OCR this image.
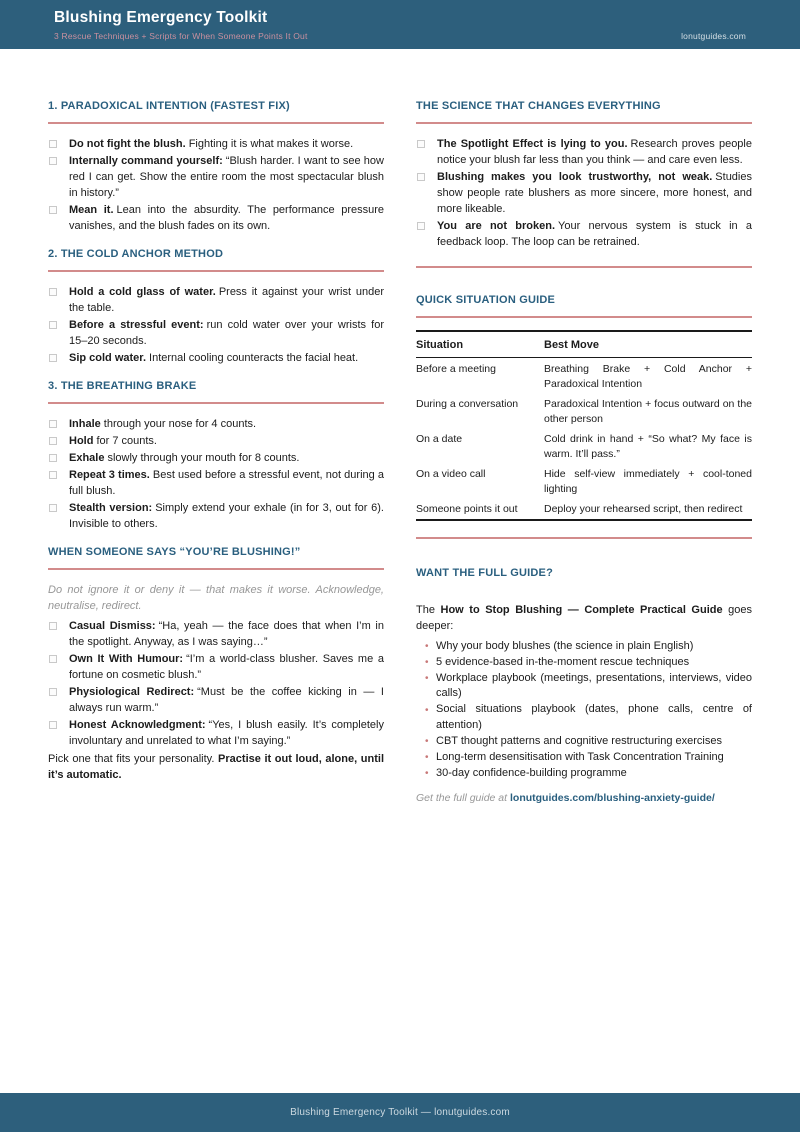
Blushing Emergency Toolkit
3 Rescue Techniques + Scripts for When Someone Points It Out	lonutguides.com
1. PARADOXICAL INTENTION (FASTEST FIX)
Do not fight the blush. Fighting it is what makes it worse.
Internally command yourself: “Blush harder. I want to see how red I can get. Show the entire room the most spectacular blush in history.”
Mean it. Lean into the absurdity. The performance pressure vanishes, and the blush fades on its own.
2. THE COLD ANCHOR METHOD
Hold a cold glass of water. Press it against your wrist under the table.
Before a stressful event: run cold water over your wrists for 15–20 seconds.
Sip cold water. Internal cooling counteracts the facial heat.
3. THE BREATHING BRAKE
Inhale through your nose for 4 counts.
Hold for 7 counts.
Exhale slowly through your mouth for 8 counts.
Repeat 3 times. Best used before a stressful event, not during a full blush.
Stealth version: Simply extend your exhale (in for 3, out for 6). Invisible to others.
WHEN SOMEONE SAYS “YOU’RE BLUSHING!”

Do not ignore it or deny it — that makes it worse. Acknowledge, neutralise, redirect.

Casual Dismiss: “Ha, yeah — the face does that when I’m in the spotlight. Anyway, as I was saying…”
Own It With Humour: “I’m a world-class blusher. Saves me a fortune on cosmetic blush.”
Physiological Redirect: “Must be the coffee kicking in — I always run warm.”
Honest Acknowledgment: “Yes, I blush easily. It’s completely involuntary and unrelated to what I’m saying.”

Pick one that fits your personality. Practise it out loud, alone, until it’s automatic.

THE SCIENCE THAT CHANGES EVERYTHING
The Spotlight Effect is lying to you. Research proves people notice your blush far less than you think — and care even less.
Blushing makes you look trustworthy, not weak. Studies show people rate blushers as more sincere, more honest, and more likeable.
You are not broken. Your nervous system is stuck in a feedback loop. The loop can be retrained.
QUICK SITUATION GUIDE
Situation	Best Move
Before a meeting	Breathing Brake + Cold Anchor + Paradoxical Intention
During a conversation	Paradoxical Intention + focus outward on the other person
On a date	Cold drink in hand + “So what? My face is warm. It’ll pass.”
On a video call	Hide self-view immediately + cool-toned lighting
Someone points it out	Deploy your rehearsed script, then redirect
WANT THE FULL GUIDE?

The How to Stop Blushing — Complete Practical Guide goes deeper:

• Why your body blushes (the science in plain English)
• 5 evidence-based in-the-moment rescue techniques
• Workplace playbook (meetings, presentations, interviews, video calls)
• Social situations playbook (dates, phone calls, centre of attention)
• CBT thought patterns and cognitive restructuring exercises
• Long-term desensitisation with Task Concentration Training
• 30-day confidence-building programme

Get the full guide at lonutguides.com/blushing-anxiety-guide/

Blushing Emergency Toolkit — lonutguides.com
